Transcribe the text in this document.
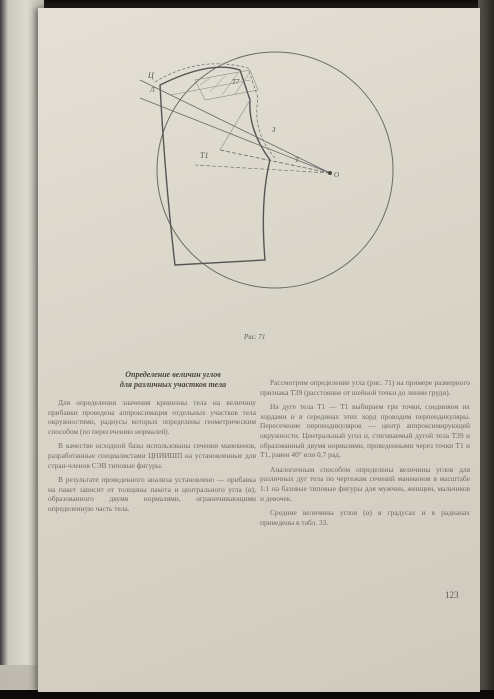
Ц
Т7
Т1	Т
З
Л
О
Рис. 71
Определение величин углов
для различных участков тела

Для определения значения кривизны тела на величину прибавки проведена аппроксимация отдельных участков тела окружностями, радиусы которых определены геометрическим способом (по пересечению нормалей).

В качестве исходной базы использованы сечения манекенов, разработанные специалистами ЦНИИШП на установленные для стран-членов СЭВ типовые фигуры.

В результате проведенного анализа установлено — прибавка на пакет зависит от толщины пакета и центрального угла (α), образованного двумя нормалями, ограничивающими определенную часть тела.

Рассмотрим определение угла (рис. 71) на примере размерного признака Т39 (расстояние от шейной точки до линии груди).

На дуге тела Т1 — Т1 выбираем три точки, соединяем их хордами и в серединах этих хорд проводим перпендикуляры. Пересечение перпендикуляров — центр аппроксимирующей окружности. Центральный угол α, стягиваемый дугой тела Т39 и образованный двумя нормалями, проведенными через точки Т1 и Т1, равен 40° или 0,7 рад.

Аналогичным способом определены величины углов для различных дуг тела по чертежам сечений манекенов в масштабе 1:1 на базовые типовые фигуры для мужчин, женщин, мальчиков и девочек.

Средние величины углов (α) в градусах и в радианах приведены в табл. 33.

123
